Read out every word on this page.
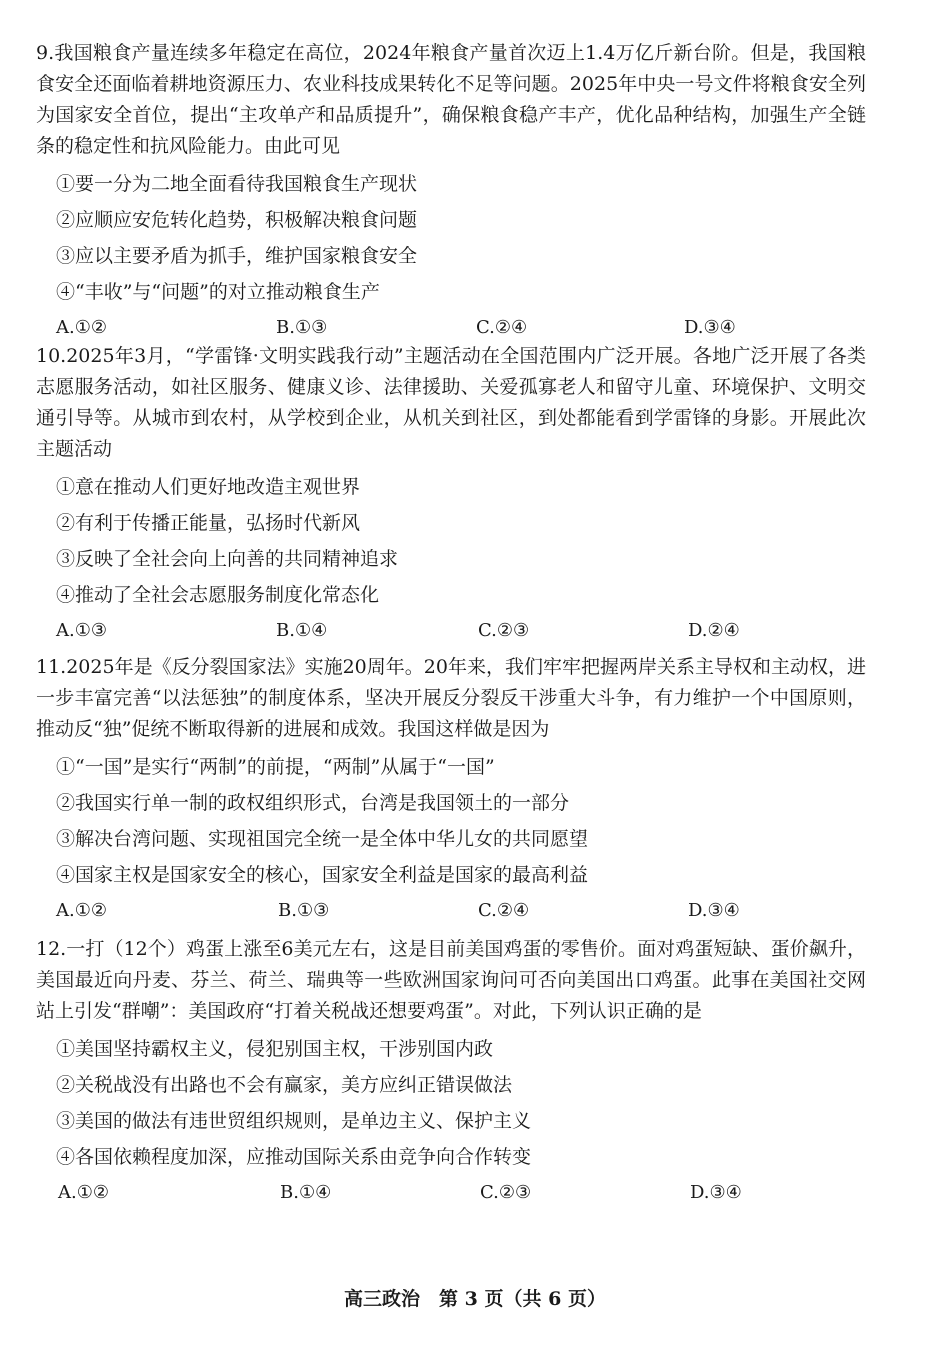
9.我国粮食产量连续多年稳定在高位，2024年粮食产量首次迈上1.4万亿斤新台阶。但是，我国粮食安全还面临着耕地资源压力、农业科技成果转化不足等问题。2025年中央一号文件将粮食安全列为国家安全首位，提出“主攻单产和品质提升”，确保粮食稳产丰产，优化品种结构，加强生产全链条的稳定性和抗风险能力。由此可见

①要一分为二地全面看待我国粮食生产现状

②应顺应安危转化趋势，积极解决粮食问题

③应以主要矛盾为抓手，维护国家粮食安全

④“丰收”与“问题”的对立推动粮食生产

A.①②	B.①③	C.②④	D.③④

10.2025年3月，“学雷锋·文明实践我行动”主题活动在全国范围内广泛开展。各地广泛开展了各类志愿服务活动，如社区服务、健康义诊、法律援助、关爱孤寡老人和留守儿童、环境保护、文明交通引导等。从城市到农村，从学校到企业，从机关到社区，到处都能看到学雷锋的身影。开展此次主题活动

①意在推动人们更好地改造主观世界

②有利于传播正能量，弘扬时代新风

③反映了全社会向上向善的共同精神追求

④推动了全社会志愿服务制度化常态化

A.①③	B.①④	C.②③	D.②④

11.2025年是《反分裂国家法》实施20周年。20年来，我们牢牢把握两岸关系主导权和主动权，进一步丰富完善“以法惩独”的制度体系，坚决开展反分裂反干涉重大斗争，有力维护一个中国原则，推动反“独”促统不断取得新的进展和成效。我国这样做是因为

①“一国”是实行“两制”的前提，“两制”从属于“一国”

②我国实行单一制的政权组织形式，台湾是我国领土的一部分

③解决台湾问题、实现祖国完全统一是全体中华儿女的共同愿望

④国家主权是国家安全的核心，国家安全利益是国家的最高利益

A.①②	B.①③	C.②④	D.③④

12.一打（12个）鸡蛋上涨至6美元左右，这是目前美国鸡蛋的零售价。面对鸡蛋短缺、蛋价飙升，美国最近向丹麦、芬兰、荷兰、瑞典等一些欧洲国家询问可否向美国出口鸡蛋。此事在美国社交网站上引发“群嘲”：美国政府“打着关税战还想要鸡蛋”。对此，下列认识正确的是

①美国坚持霸权主义，侵犯别国主权，干涉别国内政

②关税战没有出路也不会有赢家，美方应纠正错误做法

③美国的做法有违世贸组织规则，是单边主义、保护主义

④各国依赖程度加深，应推动国际关系由竞争向合作转变

A.①②	B.①④	C.②③	D.③④
高三政治　第 3 页（共 6 页）
